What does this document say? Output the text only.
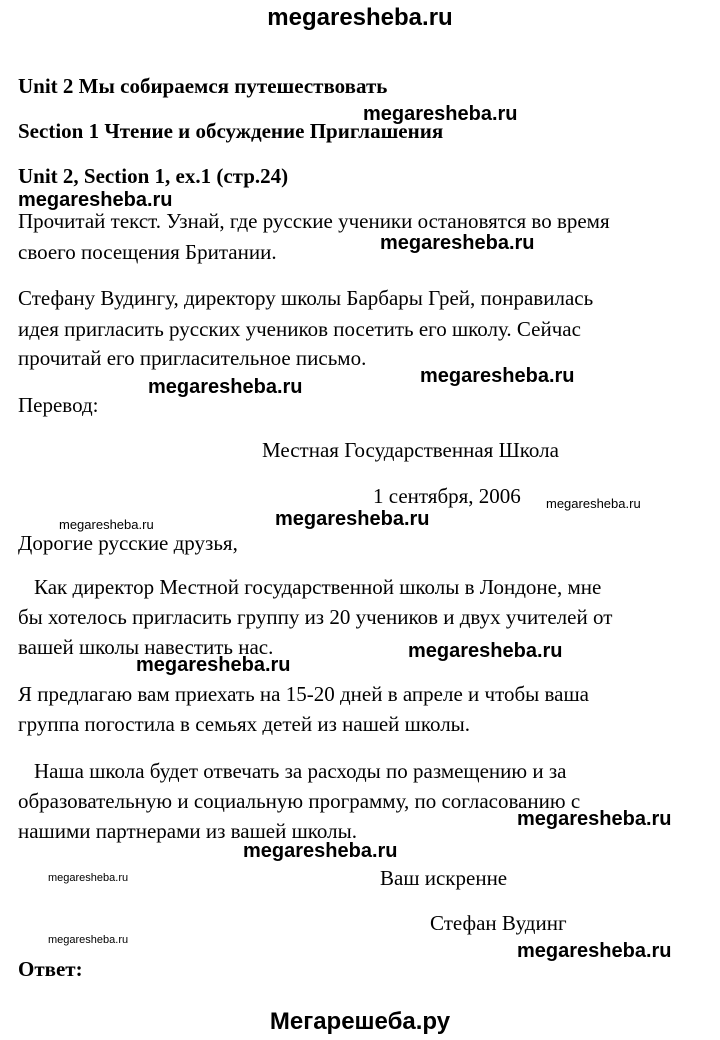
megaresheba.ru
Unit 2 Мы собираемся путешествовать
megaresheba.ru
Section 1 Чтение и обсуждение Приглашения
Unit 2, Section 1, ex.1 (стр.24)
megaresheba.ru
Прочитай текст. Узнай, где русские ученики остановятся во время
megaresheba.ru
своего посещения Британии.
Стефану Вудингу, директору школы Барбары Грей, понравилась
идея пригласить русских учеников посетить его школу. Сейчас
прочитай его пригласительное письмо.
megaresheba.ru
megaresheba.ru
Перевод:
Местная Государственная Школа
1 сентября, 2006 megaresheba.ru
megaresheba.ru
megaresheba.ru
Дорогие русские друзья,
Как директор Местной государственной школы в Лондоне, мне
бы хотелось пригласить группу из 20 учеников и двух учителей от
вашей школы навестить нас.	megaresheba.ru
megaresheba.ru
Я предлагаю вам приехать на 15-20 дней в апреле и чтобы ваша
группа погостила в семьях детей из нашей школы.
Наша школа будет отвечать за расходы по размещению и за
образовательную и социальную программу, по согласованию с
нашими партнерами из вашей школы.	megaresheba.ru
megaresheba.ru
megaresheba.ru	Ваш искренне
Стефан Вудинг
megaresheba.ru	megaresheba.ru
Ответ:
Мегарешеба.ру
